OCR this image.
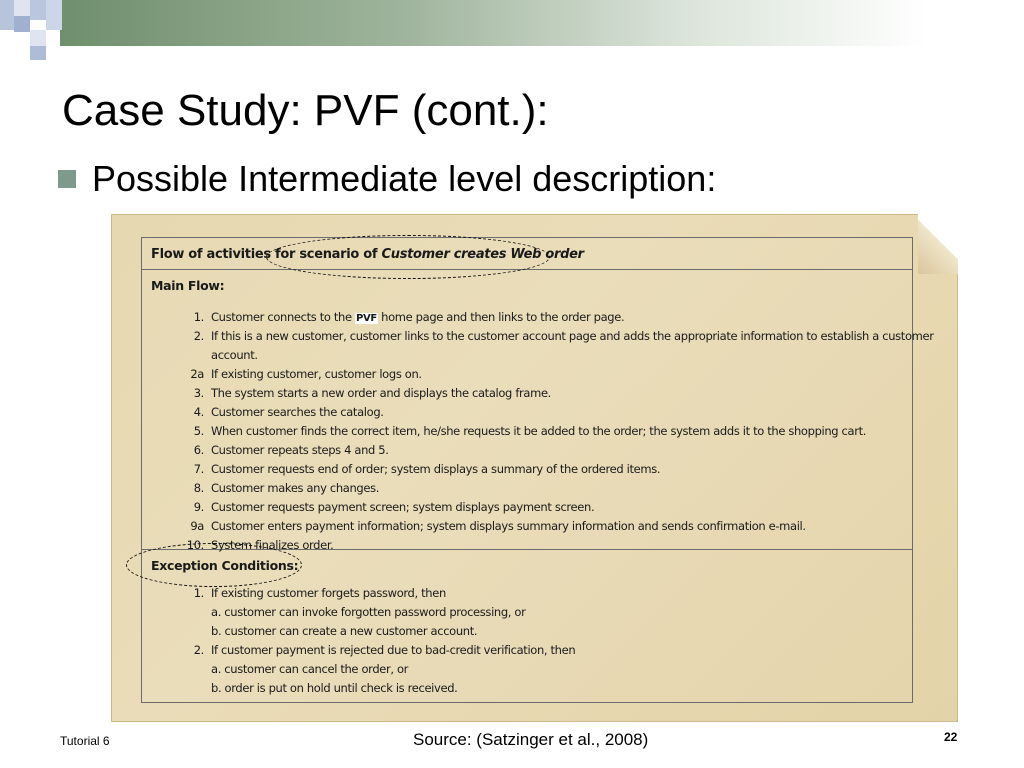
Case Study: PVF (cont.):
Possible Intermediate level description:
Flow of activities for scenario of Customer creates Web order
Main Flow:
1. Customer connects to the PVF home page and then links to the order page.
2. If this is a new customer, customer links to the customer account page and adds the appropriate information to establish a customer
account.
2a If existing customer, customer logs on.
3. The system starts a new order and displays the catalog frame.
4. Customer searches the catalog.
5. When customer finds the correct item, he/she requests it be added to the order; the system adds it to the shopping cart.
6. Customer repeats steps 4 and 5.
7. Customer requests end of order; system displays a summary of the ordered items.
8. Customer makes any changes.
9. Customer requests payment screen; system displays payment screen.
9a Customer enters payment information; system displays summary information and sends confirmation e-mail.
10. System finalizes order.
Exception Conditions:
1. If existing customer forgets password, then
a. customer can invoke forgotten password processing, or
b. customer can create a new customer account.
2. If customer payment is rejected due to bad-credit verification, then
a. customer can cancel the order, or
b. order is put on hold until check is received.
Tutorial 6	Source: (Satzinger et al., 2008)	22
